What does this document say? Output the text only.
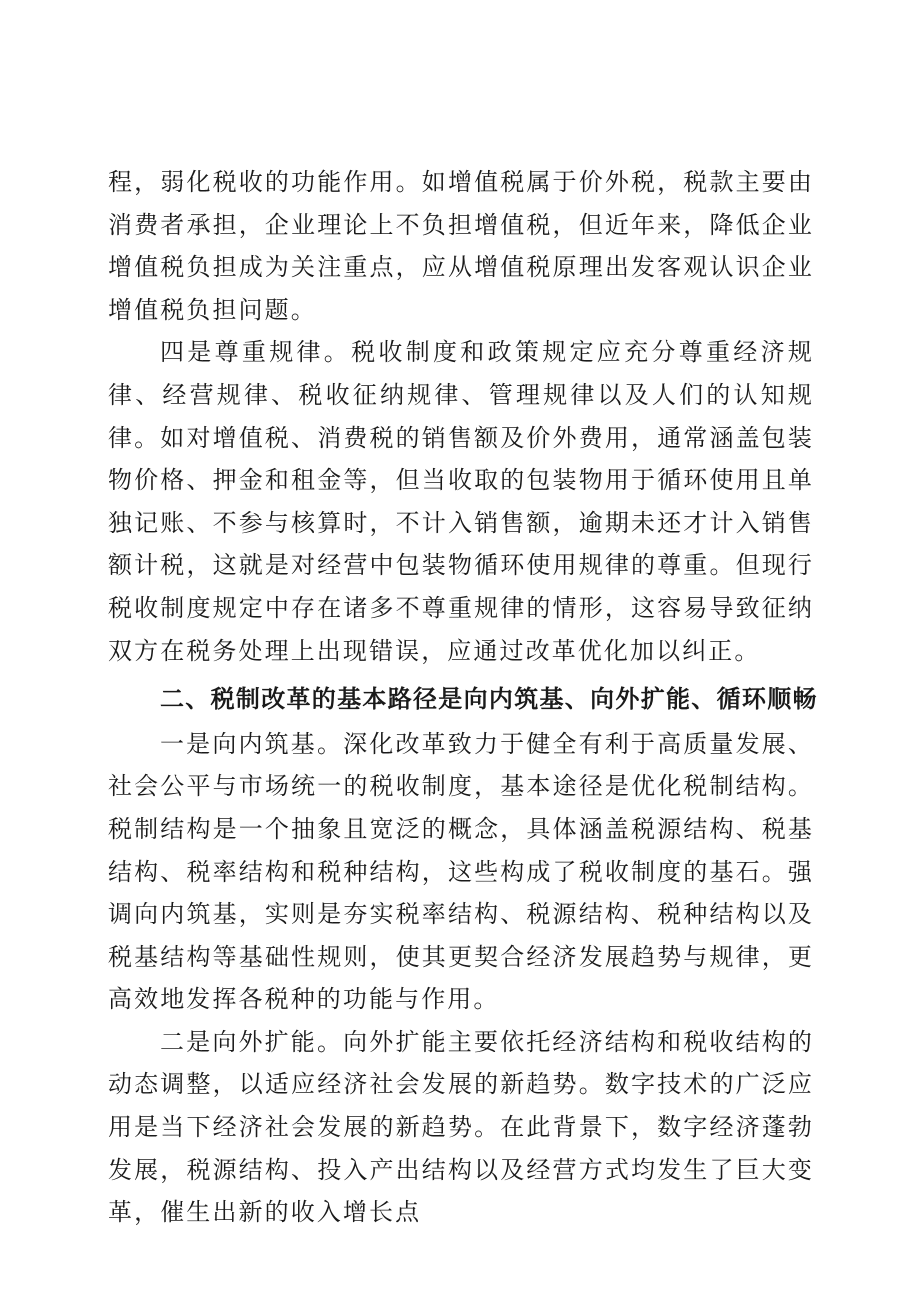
程，弱化税收的功能作用。如增值税属于价外税，税款主要由消费者承担，企业理论上不负担增值税，但近年来，降低企业增值税负担成为关注重点，应从增值税原理出发客观认识企业增值税负担问题。

四是尊重规律。税收制度和政策规定应充分尊重经济规律、经营规律、税收征纳规律、管理规律以及人们的认知规律。如对增值税、消费税的销售额及价外费用，通常涵盖包装物价格、押金和租金等，但当收取的包装物用于循环使用且单独记账、不参与核算时，不计入销售额，逾期未还才计入销售额计税，这就是对经营中包装物循环使用规律的尊重。但现行税收制度规定中存在诸多不尊重规律的情形，这容易导致征纳双方在税务处理上出现错误，应通过改革优化加以纠正。

二、税制改革的基本路径是向内筑基、向外扩能、循环顺畅

一是向内筑基。深化改革致力于健全有利于高质量发展、社会公平与市场统一的税收制度，基本途径是优化税制结构。税制结构是一个抽象且宽泛的概念，具体涵盖税源结构、税基结构、税率结构和税种结构，这些构成了税收制度的基石。强调向内筑基，实则是夯实税率结构、税源结构、税种结构以及税基结构等基础性规则，使其更契合经济发展趋势与规律，更高效地发挥各税种的功能与作用。

二是向外扩能。向外扩能主要依托经济结构和税收结构的动态调整，以适应经济社会发展的新趋势。数字技术的广泛应用是当下经济社会发展的新趋势。在此背景下，数字经济蓬勃发展，税源结构、投入产出结构以及经营方式均发生了巨大变革，催生出新的收入增长点
